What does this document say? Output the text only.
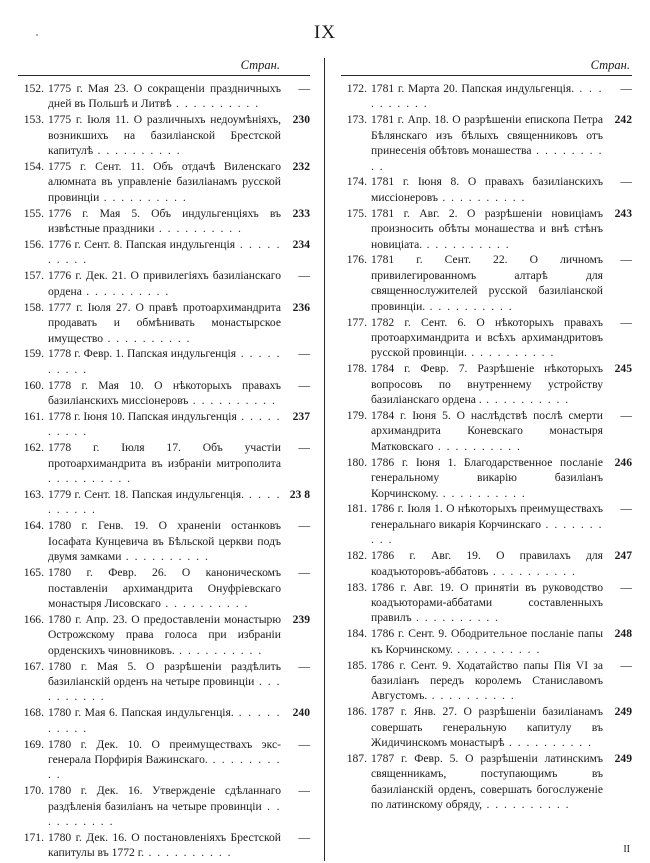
IX
Стран.
152. 1775 г. Мая 23. О сокращеніи праздничныхъ дней въ Польшѣ и Литвѣ . . . . . . . . . .
—
153. 1775 г. Іюля 11. О различныхъ недоумѣніяхъ, возникшихъ на базиліанской Брестской капитулѣ . . . . . . . . . .
230
154. 1775 г. Сент. 11. Объ отдачѣ Виленскаго алюмната въ управленіе базиліанамъ русской провинціи . . . . . . . . . .
232
155. 1776 г. Мая 5. Объ индульгенціяхъ въ извѣстные праздники . . . . . . . . . .
233
156. 1776 г. Сент. 8. Папская индульгенція . . . . . . . . . .
234
157. 1776 г. Дек. 21. О привилегіяхъ базиліанскаго ордена . . . . . . . . . .
—
158. 1777 г. Іюля 27. О правѣ протоархимандрита продавать и обмѣнивать монастырское имущество . . . . . . . . . .
236
159. 1778 г. Февр. 1. Папская индульгенція . . . . . . . . . .
—
160. 1778 г. Мая 10. О нѣкоторыхъ правахъ базиліанскихъ миссіонеровъ . . . . . . . . . .
—
161. 1778 г. Іюня 10. Папская индульгенція . . . . . . . . . .
237
162. 1778 г. Іюля 17. Объ участіи протоархимандрита въ избраніи митрополита . . . . . . . . . .
—
163. 1779 г. Сент. 18. Папская индульгенція. . . . . . . . . . .
23 8
164. 1780 г. Генв. 19. О храненіи останковъ Іосафата Кунцевича въ Бѣльской церкви подъ двумя замками . . . . . . . . . .
—
165. 1780 г. Февр. 26. О каноническомъ поставленіи архимандрита Онуфріевскаго монастыря Лисовскаго . . . . . . . . . .
—
166. 1780 г. Апр. 23. О предоставленіи монастырю Острожскому права голоса при избраніи орденскихъ чиновниковъ. . . . . . . . . . .
239
167. 1780 г. Мая 5. О разрѣшеніи раздѣлить базиліанскiй орденъ на четыре провинціи . . . . . . . . . .
—
168. 1780 г. Мая 6. Папская индульгенція. . . . . . . . . . .
240
169. 1780 г. Дек. 10. О преимуществахъ экс-генерала Порфирія Важинскаго. . . . . . . . . . .
—
170. 1780 г. Дек. 16. Утвержденіе сдѣланнаго раздѣленія базиліанъ на четыре провинціи . . . . . . . . . .
—
171. 1780 г. Дек. 16. О постановленіяхъ Брестской капитулы въ 1772 г. . . . . . . . . . .
—
Стран.
172. 1781 г. Марта 20. Папская индульгенція. . . . . . . . . . .
—
173. 1781 г. Апр. 18. О разрѣшеніи епископа Петра Бѣлянскаго изъ бѣлыхъ священниковъ отъ принесенія обѣтовъ монашества . . . . . . . . . .
242
174. 1781 г. Іюня 8. О правахъ базиліанскихъ миссіонеровъ . . . . . . . . . .
—
175. 1781 г. Авг. 2. О разрѣшеніи новиціамъ произносить обѣты монашества и внѣ стѣнъ новиціата. . . . . . . . . . .
243
176. 1781 г. Сент. 22. О личномъ привилегированномъ алтарѣ для священнослужителей русской базиліанской провинціи. . . . . . . . . . .
—
177. 1782 г. Сент. 6. О нѣкоторыхъ правахъ протоархимандрита и всѣхъ архимандритовъ русской провинціи. . . . . . . . . . .
—
178. 1784 г. Февр. 7. Разрѣшеніе нѣкоторыхъ вопросовъ по внутреннему устройству базиліанскаго ордена . . . . . . . . . . .
245
179. 1784 г. Іюня 5. О наслѣдствѣ послѣ смерти архимандрита Коневскаго монастыря Матковскаго . . . . . . . . . .
—
180. 1786 г. Іюня 1. Благодарственное посланіе генеральному викарію базиліанъ Корчинскому. . . . . . . . . . .
246
181. 1786 г. Іюля 1. О нѣкоторыхъ преимуществахъ генеральнаго викарія Корчинскаго . . . . . . . . . .
—
182. 1786 г. Авг. 19. О правилахъ для коадъюторовъ-аббатовъ . . . . . . . . . .
247
183. 1786 г. Авг. 19. О принятіи въ руководство коадъюторами-аббатами составленныхъ правилъ . . . . . . . . . .
—
184. 1786 г. Сент. 9. Ободрительное посланіе папы къ Корчинскому. . . . . . . . . . .
248
185. 1786 г. Сент. 9. Ходатайство папы Пія VI за базиліанъ передъ королемъ Станиславомъ Августомъ. . . . . . . . . . .
—
186. 1787 г. Янв. 27. О разрѣшеніи базиліанамъ совершать генеральную капитулу въ Жидичинскомъ монастырѣ . . . . . . . . . .
249
187. 1787 г. Февр. 5. О разрѣшеніи латинскимъ священникамъ, поступающимъ въ базиліанскій орденъ, совершать богослуженіе по латинскому обряду, . . . . . . . . . .
249
II
